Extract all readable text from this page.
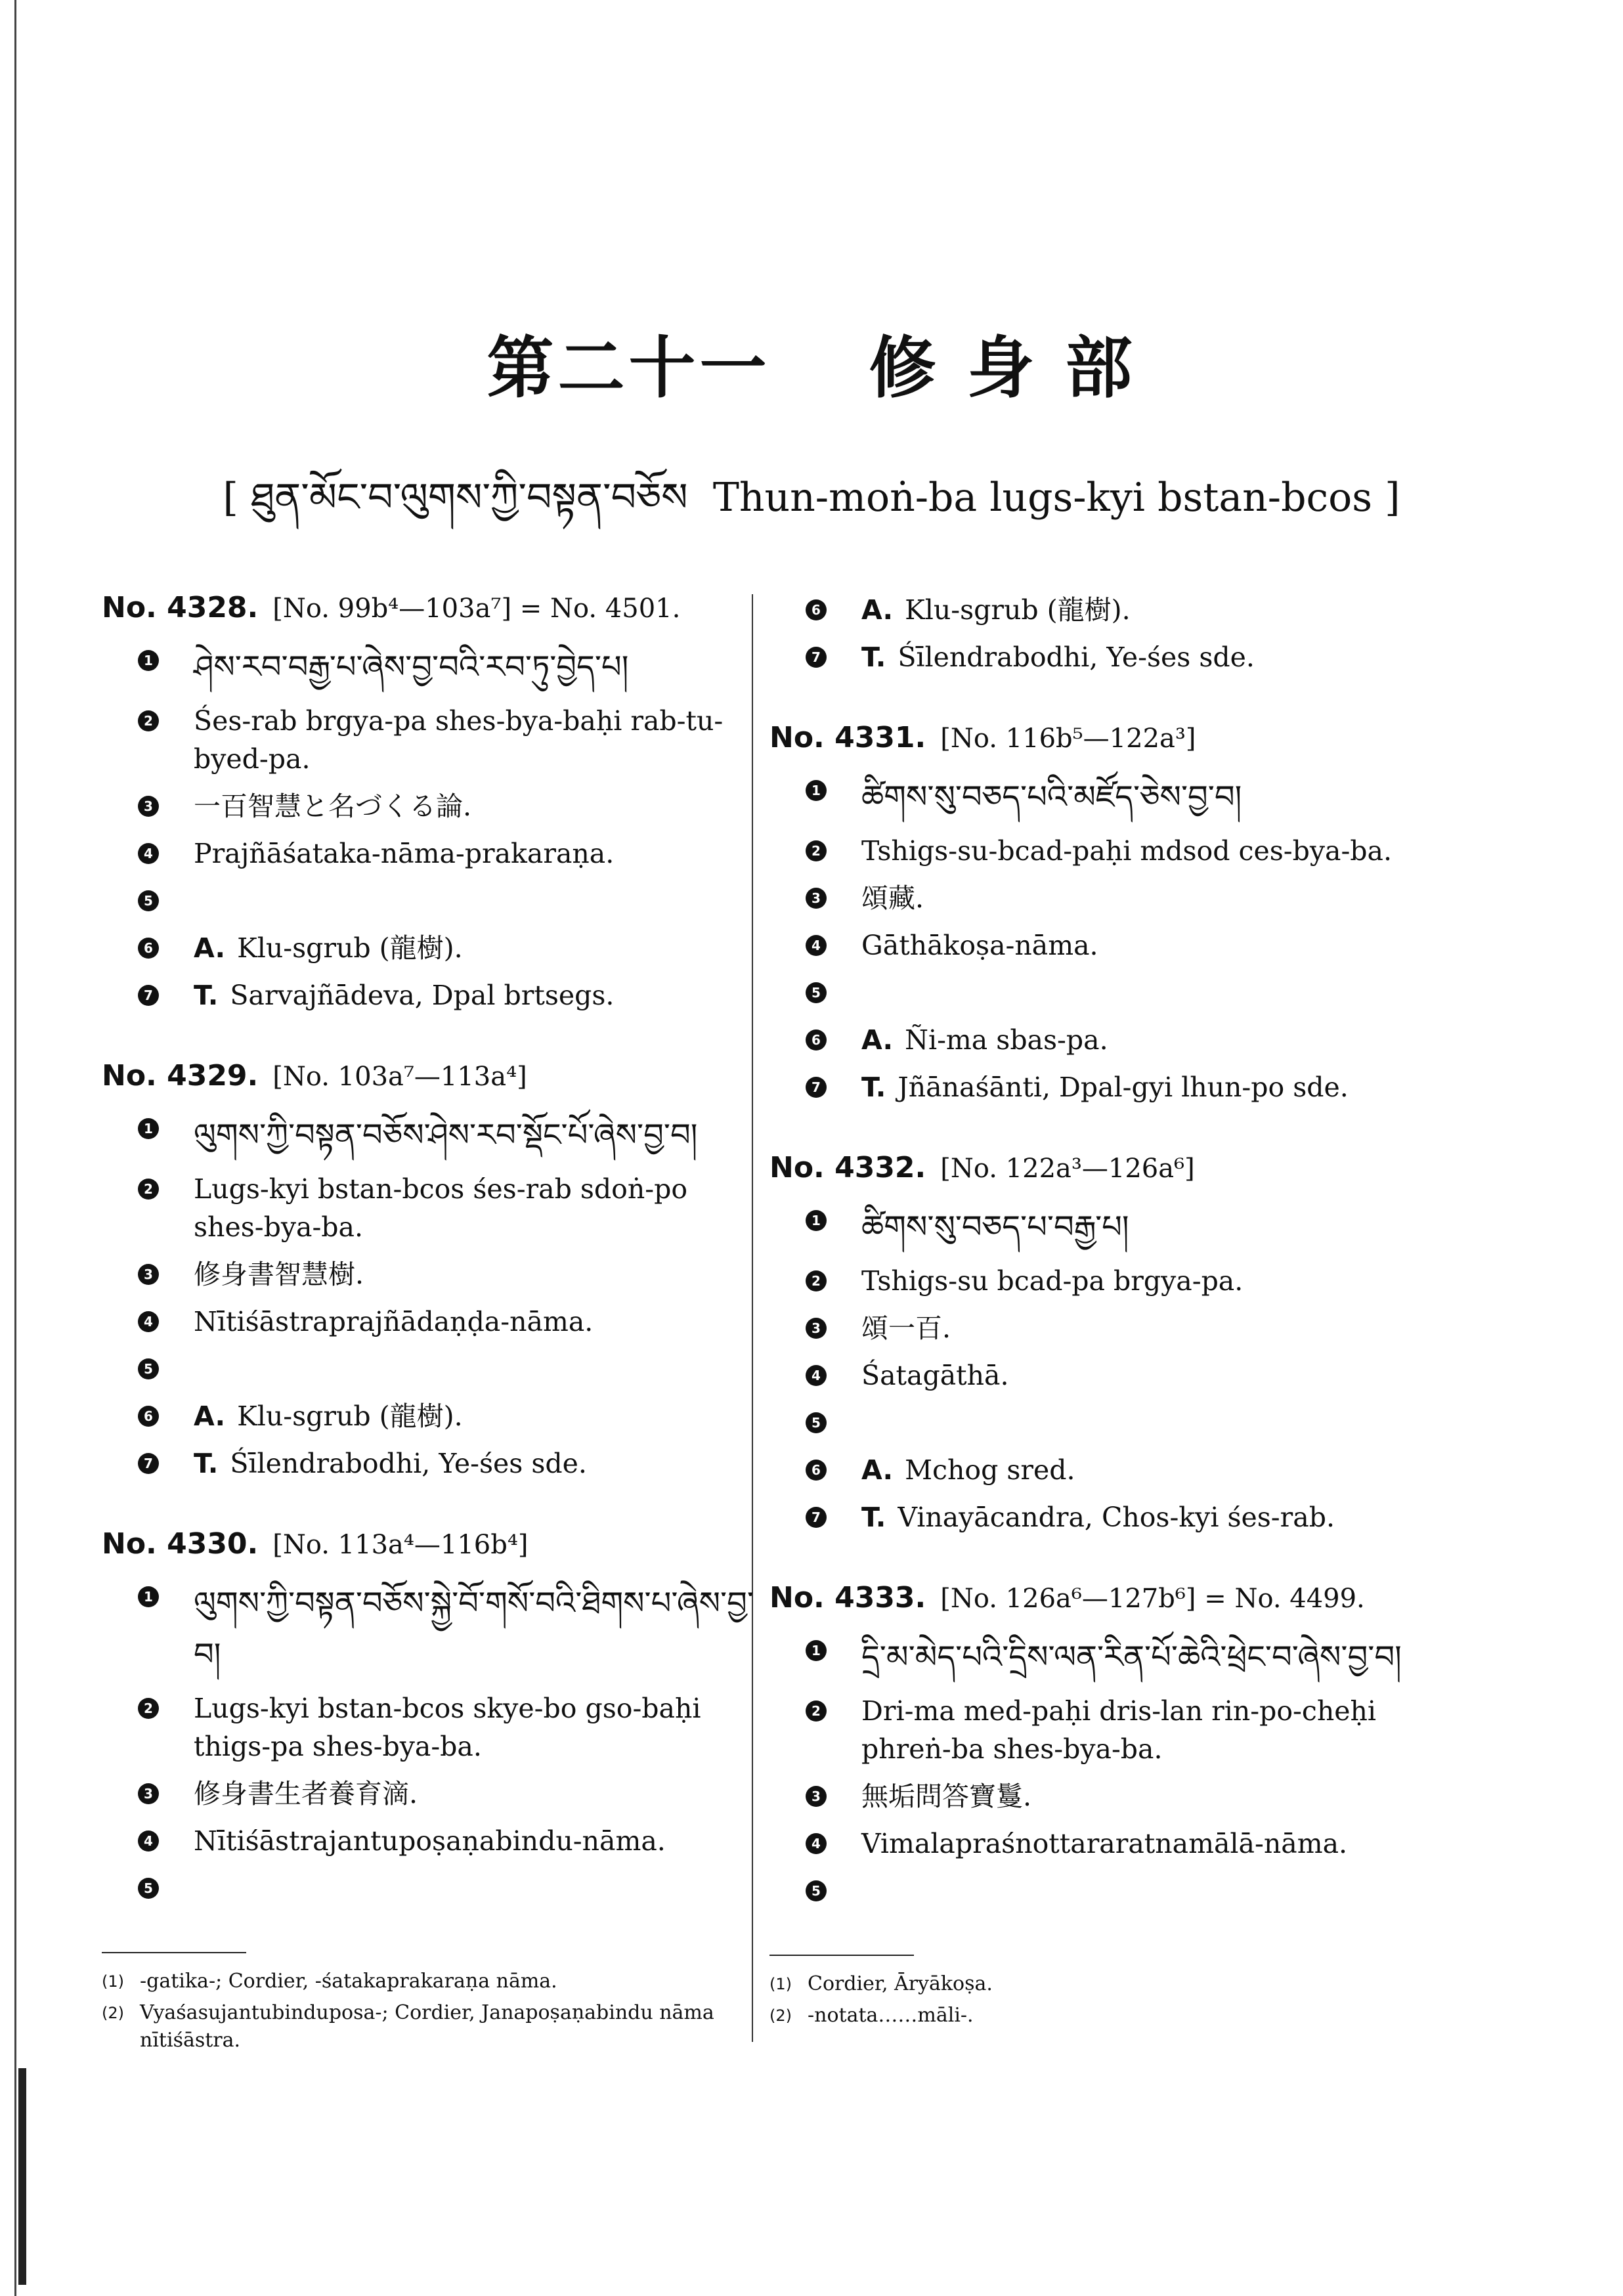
第二十一 修 身 部
[ ཐུན་མོང་བ་ལུགས་ཀྱི་བསྟན་བཅོས Thun-moṅ-ba lugs-kyi bstan-bcos ]
No. 4328. [No. 99b⁴—103a⁷] = No. 4501.
1 ཤེས་རབ་བརྒྱ་པ་ཞེས་བྱ་བའི་རབ་ཏུ་བྱེད་པ།
2 Śes-rab brgya-pa shes-bya-baḥi rab-tu-byed-pa.
3 一百智慧と名づくる論.
4 Prajñāśataka-nāma-prakaraṇa.
5
6 A. Klu-sgrub (龍樹).
7 T. Sarvajñādeva, Dpal brtsegs.
No. 4329. [No. 103a⁷—113a⁴]
1 ལུགས་ཀྱི་བསྟན་བཅོས་ཤེས་རབ་སྡོང་པོ་ཞེས་བྱ་བ།
2 Lugs-kyi bstan-bcos śes-rab sdoṅ-po shes-bya-ba.
3 修身書智慧樹.
4 Nītiśāstraprajñādaṇḍa-nāma.
5
6 A. Klu-sgrub (龍樹).
7 T. Śīlendrabodhi, Ye-śes sde.
No. 4330. [No. 113a⁴—116b⁴]
1 ལུགས་ཀྱི་བསྟན་བཅོས་སྐྱེ་བོ་གསོ་བའི་ཐིགས་པ་ཞེས་བྱ་བ།
2 Lugs-kyi bstan-bcos skye-bo gso-baḥi thigs-pa shes-bya-ba.
3 修身書生者養育滴.
4 Nītiśāstrajantupoṣaṇabindu-nāma.
5
(1) -gatika-; Cordier, -śatakaprakaraṇa nāma.
(2) Vyaśasujantubinduposa-; Cordier, Janapoṣaṇabindu nāma nītiśāstra.
6 A. Klu-sgrub (龍樹).
7 T. Śīlendrabodhi, Ye-śes sde.
No. 4331. [No. 116b⁵—122a³]
1 ཚིགས་སུ་བཅད་པའི་མཛོད་ཅེས་བྱ་བ།
2 Tshigs-su-bcad-paḥi mdsod ces-bya-ba.
3 頌藏.
4 Gāthākoṣa-nāma.
5
6 A. Ñi-ma sbas-pa.
7 T. Jñānaśānti, Dpal-gyi lhun-po sde.
No. 4332. [No. 122a³—126a⁶]
1 ཚིགས་སུ་བཅད་པ་བརྒྱ་པ།
2 Tshigs-su bcad-pa brgya-pa.
3 頌一百.
4 Śatagāthā.
5
6 A. Mchog sred.
7 T. Vinayācandra, Chos-kyi śes-rab.
No. 4333. [No. 126a⁶—127b⁶] = No. 4499.
1 དྲི་མ་མེད་པའི་དྲིས་ལན་རིན་པོ་ཆེའི་ཕྲེང་བ་ཞེས་བྱ་བ།
2 Dri-ma med-paḥi dris-lan rin-po-cheḥi phreṅ-ba shes-bya-ba.
3 無垢問答寶鬘.
4 Vimalapraśnottararatnamālā-nāma.
5
(1) Cordier, Āryākoṣa.
(2) -notata……māli-.
